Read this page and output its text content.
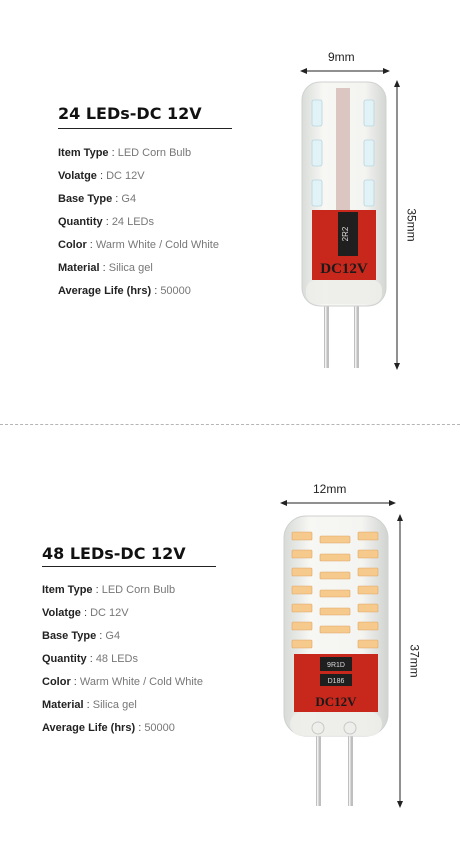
24 LEDs-DC 12V
Item Type : LED Corn Bulb
Volatge : DC 12V
Base Type : G4
Quantity : 24 LEDs
Color : Warm White / Cold White
Material : Silica gel
Average Life (hrs) : 50000
9mm
35mm
2R2
DC12V
48 LEDs-DC 12V
Item Type : LED Corn Bulb
Volatge : DC 12V
Base Type : G4
Quantity : 48 LEDs
Color : Warm White / Cold White
Material : Silica gel
Average Life (hrs) : 50000
12mm
37mm
9R1D
D186
DC12V
